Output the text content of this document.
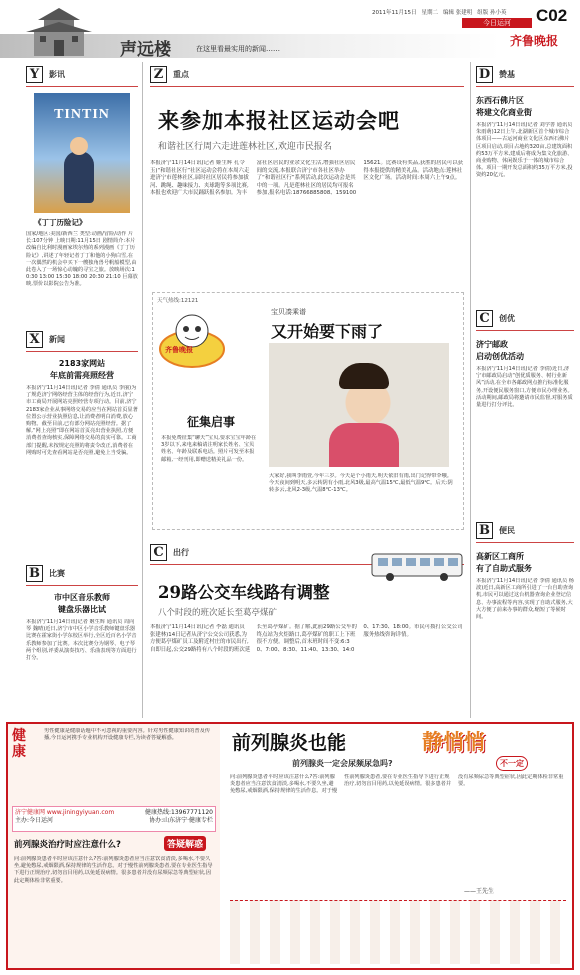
2011年11月15日 星期二 编辑 张建明 组版 孙小英
今日运河	C02
齐鲁晚报
声远楼	在这里看最实用的新闻……
Y	影讯
TINTIN
《丁丁历险记》
国家/地区:美国/新西兰 类型:动画/冒险/动作 片长:107分钟 上映日期:11月15日 剧情简介:本片改编自比利时漫画家埃尔热的系列漫画《丁丁历险记》,讲述了年轻记者丁丁和他的小狗白雪,在一次偶然的机会中买下一艘独角兽号帆船模型,由此卷入了一场惊心动魄的寻宝之旅。放映场次:10:30 13:00 15:30 18:00 20:30 21:10 巨幕放映,票价以影院公告为准。
X	新闻
2183家网站
年底前需亮照经营
本报济宁11月14日讯(记者 李倩 通讯员 李丽)为了规范济宁网络经营主体的经营行为,近日,济宁市工商局开展网站亮照经营专项行动。目前,济宁2183家企业从事网络交易的应当在网站首页显著位置公示营业执照信息,让消费者明白消费,放心购物。截至目前,已有部分网站亮照经营。据了解,“网上亮照”即在网站首页亮出营业执照,方便消费者查询核实,保障网络交易的真实可靠。工商部门提醒,未按规定亮照的将责令改正,消费者在网购时可先查看网站是否亮照,避免上当受骗。
B	比赛
市中区音乐教师
键盘乐器比试
本报济宁11月14日讯(记者 姬生辉 通讯员 周向琴 魏晴)近日,济宁市中区小学音乐教师键盘乐器比赛在霍家街小学东校区举行,全区近百名小学音乐教师参加了比赛。本次比赛分为钢琴、电子琴两个组别,评委从演奏技巧、乐曲表现等方面进行打分。
Z	重点
来参加本报社区运动会吧
和谐社区行周六走进莲林社区,欢迎市民报名
本报济宁11月14日讯(记者 姬生辉 孔令玉)“和谐社区行”社区运动会将在本周六走进济宁市莲林社区,届时社区居民将参加拔河、跳绳、趣味接力、夹球跑等多项比赛,本报也欢迎广大市民踊跃报名参加。为丰富社区居民的业余文化生活,增强社区居民间的交流,本报联合济宁市各社区举办了“和谐社区行”系列活动,此次运动会是其中的一项。凡是莲林社区的居民均可报名参加,报名电话:18766885808、15910015621。比赛设有奖品,获胜的居民可以获得本报提供的精美礼品。活动地点:莲林社区文化广场。活动时间:本周六上午9点。
天气热线:12121
齐鲁晚报
宝贝凑乘谱
又开始要下雨了
征集启事
本报免费征集“聊天”宝贝,要求宝宝年龄在3岁以下,来电来稿请注明家长姓名、宝贝姓名、年龄及联系电话。照片可发至本报邮箱,一经刊用,即赠送精美礼品一份。
大家好,我叫李雨萱,今年三岁。今天是个小雨天,明天依旧有雨,出门记得带伞哦。今天夜间到明天,多云转阴有小雨,北风3级,最高气温15℃,最低气温9℃。后天:阴转多云,北风2-3级,气温8℃-13℃。
C	出行
29路公交车线路有调整
八个时段的班次延长至葛亭煤矿
本报济宁11月14日讯(记者 李磊 通讯员 张建林)14日记者从济宁公交公司获悉,为方便葛亭煤矿员工及附近村庄的市民出行,自即日起,公交29路将有八个时段的班次延长至葛亭煤矿。据了解,此前29路公交车的终点站为火炬路口,葛亭煤矿的职工上下班很不方便。调整后,首末班时间不变:6:30、7:00、8:30、11:40、13:30、14:00、17:30、18:00。市民可拨打公交公司服务热线咨询详情。
D	赞基
东西石佛片区
将建文化商业街
本报济宁11月14日讯(记者 刘学善 通讯员 朱雨萌)12日上午,北湖新区首个城市综合体项目——古运河商业文化区东西石佛片区项目启动,项目占地约320亩,总建筑面积约53万平方米,建成后将成为集文化旅游、商业购物、休闲娱乐于一体的城市综合体。项目一期开发总面积约35万平方米,投资约20亿元。
C	创优
济宁邮政
启动创优活动
本报济宁11月14日讯(记者 李倩)近日,济宁市邮政局启动“创优质服务、树行业新风”活动,在全市各邮政网点推行标准化服务,开设便民服务窗口,方便市民办理业务。活动期间,邮政局将邀请市民监督,对服务质量进行打分评比。
B	便民
高新区工商所
有了自助式服务
本报济宁11月14日讯(记者 李倩 通讯员 杨波)近日,高新区工商所引进了一台自助查询机,市民可以通过这台机器查询企业登记信息、办事流程等内容,实现了自助式服务,大大方便了前来办事的群众,缩短了等候时间。
健康
男性健康是健康话题中不可忽视的重要内容。针对男性健康知识的普及传播,今日运河携手专业机构开设健康专栏,为读者答疑解惑。
济宁健康网 www.jiningyiyuan.com	健康热线:13967771120
主办:今日运河	协办:山东济宁·健康专栏
前列腺炎治疗时应注意什么?	答疑解惑
问:前列腺炎患者平时应该注意什么?答:前列腺炎患者应当注意饮食清淡,多喝水,不要久坐,避免憋尿,戒烟限酒,保持规律的生活作息。对于慢性前列腺炎患者,要在专业医生指导下进行正规治疗,切勿盲目用药,以免延误病情。很多患者并没有尿频尿急等典型症状,因此定期体检非常重要。
前列腺炎也能	静悄悄
前列腺炎一定会尿频尿急吗?	不一定
问:前列腺炎患者平时应该注意什么?答:前列腺炎患者应当注意饮食清淡,多喝水,不要久坐,避免憋尿,戒烟限酒,保持规律的生活作息。对于慢性前列腺炎患者,要在专业医生指导下进行正规治疗,切勿盲目用药,以免延误病情。很多患者并没有尿频尿急等典型症状,因此定期体检非常重要。
——王先生
